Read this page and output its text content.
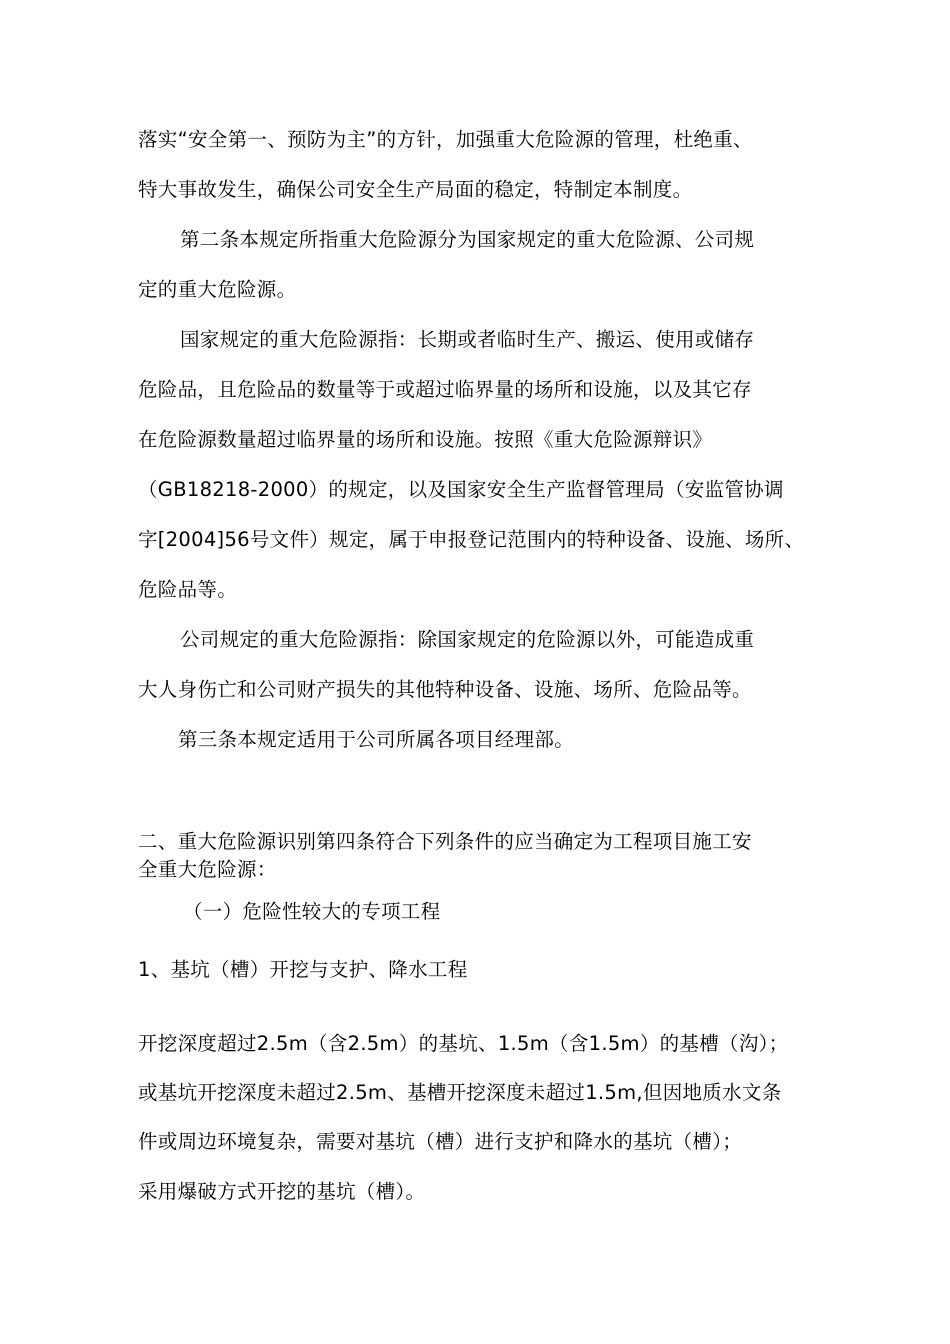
落实“安全第一、预防为主”的方针，加强重大危险源的管理，杜绝重、
特大事故发生，确保公司安全生产局面的稳定，特制定本制度。
第二条本规定所指重大危险源分为国家规定的重大危险源、公司规
定的重大危险源。
国家规定的重大危险源指：长期或者临时生产、搬运、使用或储存
危险品，且危险品的数量等于或超过临界量的场所和设施，以及其它存
在危险源数量超过临界量的场所和设施。按照《重大危险源辩识》
（GB18218-2000）的规定，以及国家安全生产监督管理局（安监管协调
字[2004]56号文件）规定，属于申报登记范围内的特种设备、设施、场所、
危险品等。
公司规定的重大危险源指：除国家规定的危险源以外，可能造成重
大人身伤亡和公司财产损失的其他特种设备、设施、场所、危险品等。
第三条本规定适用于公司所属各项目经理部。
二、重大危险源识别第四条符合下列条件的应当确定为工程项目施工安
全重大危险源：
（一）危险性较大的专项工程
1、基坑（槽）开挖与支护、降水工程
开挖深度超过2.5m（含2.5m）的基坑、1.5m（含1.5m）的基槽（沟）；
或基坑开挖深度未超过2.5m、基槽开挖深度未超过1.5m,但因地质水文条
件或周边环境复杂，需要对基坑（槽）进行支护和降水的基坑（槽）；
采用爆破方式开挖的基坑（槽）。
